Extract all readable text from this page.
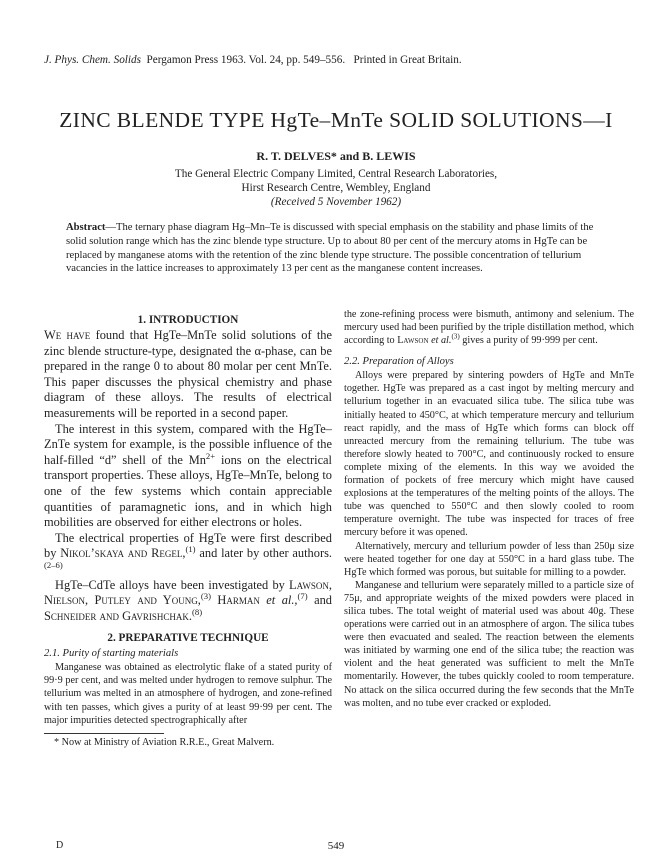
J. Phys. Chem. Solids Pergamon Press 1963. Vol. 24, pp. 549–556. Printed in Great Britain.
ZINC BLENDE TYPE HgTe–MnTe SOLID SOLUTIONS—I
R. T. DELVES* and B. LEWIS
The General Electric Company Limited, Central Research Laboratories,
Hirst Research Centre, Wembley, England
(Received 5 November 1962)
Abstract—The ternary phase diagram Hg–Mn–Te is discussed with special emphasis on the stability and phase limits of the solid solution range which has the zinc blende type structure. Up to about 80 per cent of the mercury atoms in HgTe can be replaced by manganese atoms with the retention of the zinc blende type structure. The possible concentration of tellurium vacancies in the lattice increases to approximately 13 per cent as the manganese content increases.
1. INTRODUCTION

We have found that HgTe–MnTe solid solutions of the zinc blende structure-type, designated the α-phase, can be prepared in the range 0 to about 80 molar per cent MnTe. This paper discusses the physical chemistry and phase diagram of these alloys. The results of electrical measurements will be reported in a second paper.

The interest in this system, compared with the HgTe–ZnTe system for example, is the possible influence of the half-filled “d” shell of the $Mn^{2+}$ ions on the electrical transport properties. These alloys, HgTe–MnTe, belong to one of the few systems which contain appreciable quantities of paramagnetic ions, and in which high mobilities are observed for either electrons or holes.

The electrical properties of HgTe were first described by Nikol’skaya and Regel,$^{(1)}$ and later by other authors.$^{(2-6)}$

HgTe–CdTe alloys have been investigated by Lawson, Nielson, Putley and Young,$^{(3)}$ Harman et al.,$^{(7)}$ and Schneider and Gavrishchak.$^{(8)}$

2. PREPARATIVE TECHNIQUE
2.1. Purity of starting materials

Manganese was obtained as electrolytic flake of a stated purity of 99·9 per cent, and was melted under hydrogen to remove sulphur. The tellurium was melted in an atmosphere of hydrogen, and zone-refined with ten passes, which gives a purity of at least 99·99 per cent. The major impurities detected spectrographically after

* Now at Ministry of Aviation R.R.E., Great Malvern.

the zone-refining process were bismuth, antimony and selenium. The mercury used had been purified by the triple distillation method, which according to Lawson et al.$^{(3)}$ gives a purity of 99·999 per cent.

2.2. Preparation of Alloys

Alloys were prepared by sintering powders of HgTe and MnTe together. HgTe was prepared as a cast ingot by melting mercury and tellurium together in an evacuated silica tube. The silica tube was initially heated to 450°C, at which temperature mercury and tellurium react rapidly, and the mass of HgTe which forms can block off unreacted mercury from the remaining tellurium. The tube was therefore slowly heated to 700°C, and continuously rocked to ensure complete mixing of the elements. In this way we avoided the formation of pockets of free mercury which might have caused explosions at the temperatures of the melting points of the alloys. The tube was quenched to 550°C and then slowly cooled to room temperature overnight. The tube was inspected for traces of free mercury before it was opened.

Alternatively, mercury and tellurium powder of less than 250μ size were heated together for one day at 550°C in a hard glass tube. The HgTe which formed was porous, but suitable for milling to a powder.

Manganese and tellurium were separately milled to a particle size of 75μ, and appropriate weights of the mixed powders were placed in silica tubes. The total weight of material used was about 40g. These operations were carried out in an atmosphere of argon. The silica tubes were then evacuated and sealed. The reaction between the elements was initiated by warming one end of the silica tube; the reaction was violent and the heat generated was sufficient to melt the MnTe momentarily. However, the tubes quickly cooled to room temperature. No attack on the silica occurred during the few seconds that the MnTe was molten, and no tube ever cracked or exploded.

D	549
